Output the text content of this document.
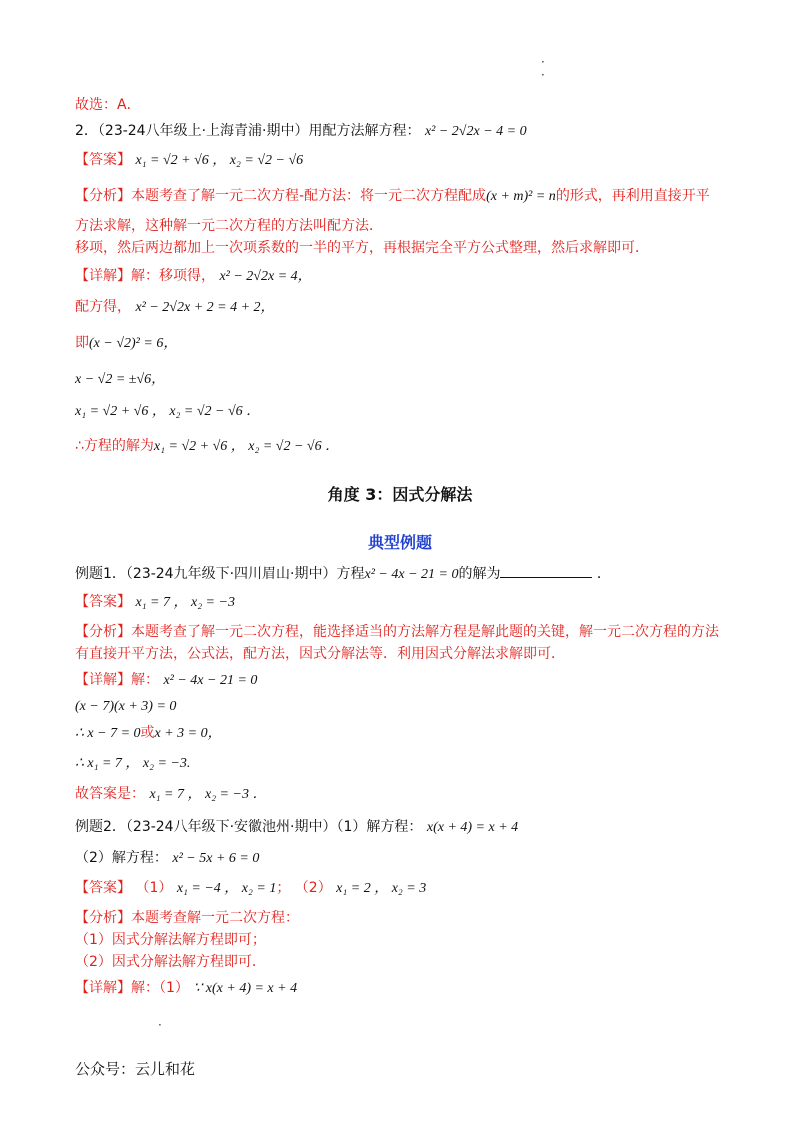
·
·
故选：A．
2．（23-24八年级上·上海青浦·期中）用配方法解方程： x² − 2√2x − 4 = 0
【答案】 x₁ = √2 + √6 ， x₂ = √2 − √6
【分析】本题考查了解一元二次方程-配方法：将一元二次方程配成(x + m)² = n的形式，再利用直接开平
方法求解，这种解一元二次方程的方法叫配方法．
移项，然后两边都加上一次项系数的一半的平方，再根据完全平方公式整理，然后求解即可．
【详解】解：移项得， x² − 2√2x = 4，
配方得， x² − 2√2x + 2 = 4 + 2，
即(x − √2)² = 6，
x − √2 = ±√6，
x₁ = √2 + √6 ， x₂ = √2 − √6 ．
∴方程的解为x₁ = √2 + √6 ， x₂ = √2 − √6 ．
角度 3：因式分解法
典型例题
例题1．（23-24九年级下·四川眉山·期中）方程x² − 4x − 21 = 0的解为	．
【答案】 x₁ = 7 ， x₂ = −3
【分析】本题考查了解一元二次方程，能选择适当的方法解方程是解此题的关键，解一元二次方程的方法
有直接开平方法，公式法，配方法，因式分解法等．利用因式分解法求解即可．
【详解】解： x² − 4x − 21 = 0
(x − 7)(x + 3) = 0
∴ x − 7 = 0或x + 3 = 0，
∴ x₁ = 7 ， x₂ = −3.
故答案是： x₁ = 7 ， x₂ = −3 ．
例题2．（23-24八年级下·安徽池州·期中）（1）解方程： x(x + 4) = x + 4
（2）解方程： x² − 5x + 6 = 0
【答案】 （1） x₁ = −4 ， x₂ = 1； （2） x₁ = 2 ， x₂ = 3
【分析】本题考查解一元二次方程：
（1）因式分解法解方程即可；
（2）因式分解法解方程即可．
【详解】解：（1） ∵ x(x + 4) = x + 4
·
公众号：云儿和花
